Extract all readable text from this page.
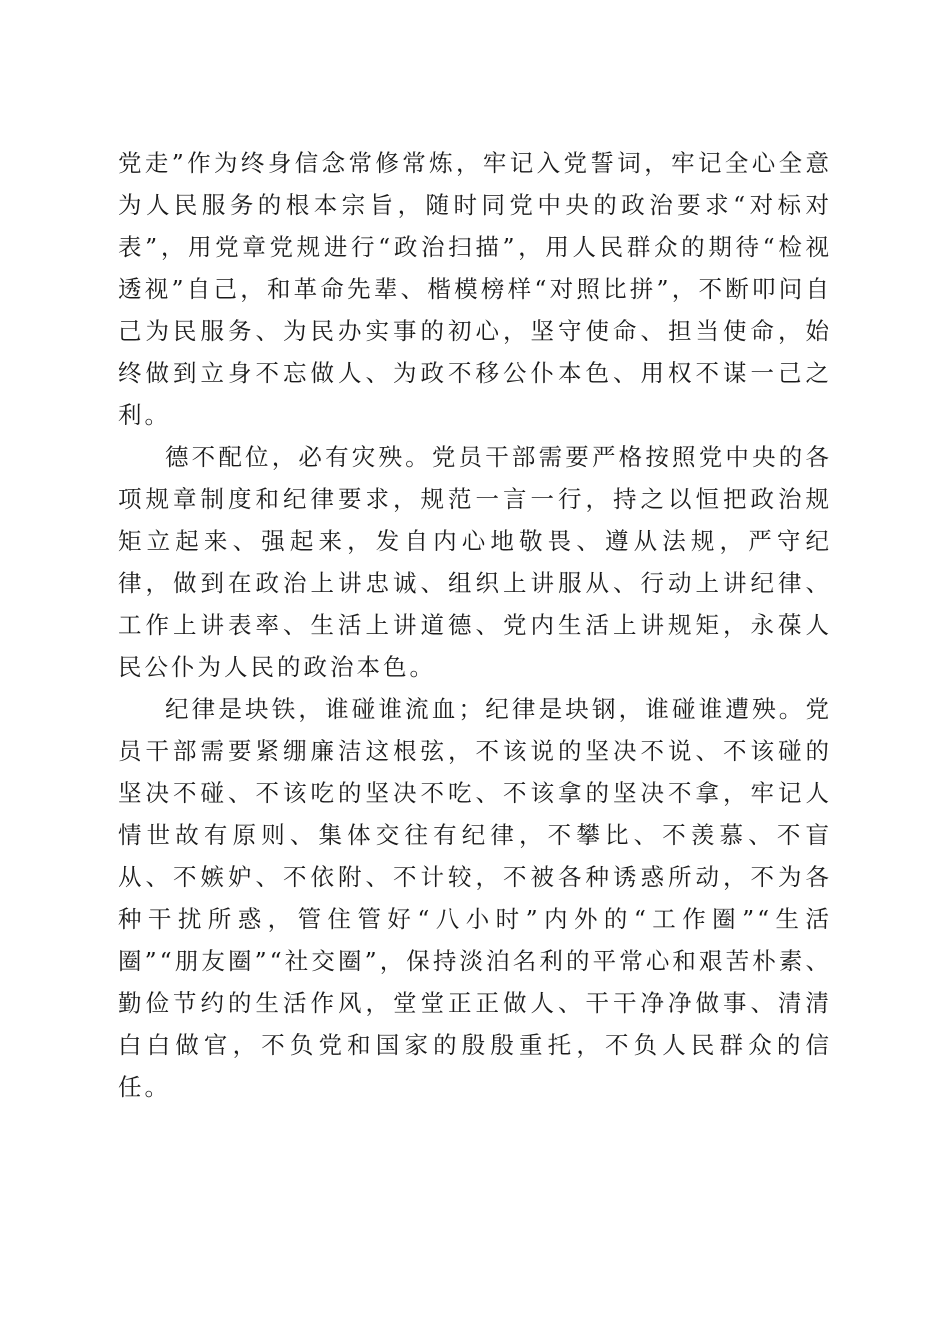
党走”作为终身信念常修常炼，牢记入党誓词，牢记全心全意为人民服务的根本宗旨，随时同党中央的政治要求“对标对表”，用党章党规进行“政治扫描”，用人民群众的期待“检视透视”自己，和革命先辈、楷模榜样“对照比拼”，不断叩问自己为民服务、为民办实事的初心，坚守使命、担当使命，始终做到立身不忘做人、为政不移公仆本色、用权不谋一己之利。

德不配位，必有灾殃。党员干部需要严格按照党中央的各项规章制度和纪律要求，规范一言一行，持之以恒把政治规矩立起来、强起来，发自内心地敬畏、遵从法规，严守纪律，做到在政治上讲忠诚、组织上讲服从、行动上讲纪律、工作上讲表率、生活上讲道德、党内生活上讲规矩，永葆人民公仆为人民的政治本色。

纪律是块铁，谁碰谁流血；纪律是块钢，谁碰谁遭殃。党员干部需要紧绷廉洁这根弦，不该说的坚决不说、不该碰的坚决不碰、不该吃的坚决不吃、不该拿的坚决不拿，牢记人情世故有原则、集体交往有纪律，不攀比、不羡慕、不盲从、不嫉妒、不依附、不计较，不被各种诱惑所动，不为各种干扰所惑，管住管好“八小时”内外的“工作圈”“生活圈”“朋友圈”“社交圈”，保持淡泊名利的平常心和艰苦朴素、勤俭节约的生活作风，堂堂正正做人、干干净净做事、清清白白做官，不负党和国家的殷殷重托，不负人民群众的信任。
